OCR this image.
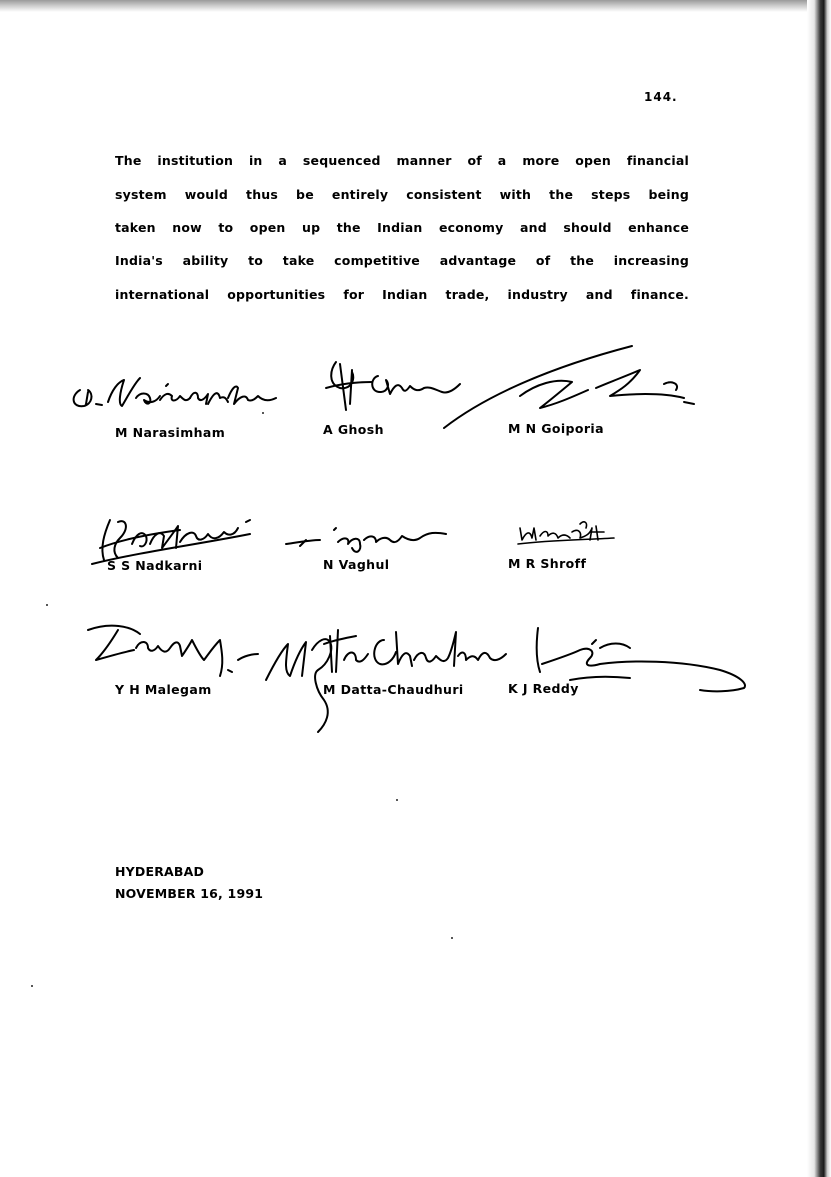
144.
The institution in a sequenced manner of a more open financial
system would thus be entirely consistent with the steps being
taken now to open up the Indian economy and should enhance
India's ability to take competitive advantage of the increasing
international opportunities for Indian trade, industry and finance.
M Narasimham	A Ghosh	M N Goiporia
S S Nadkarni	N Vaghul	M R Shroff
Y H Malegam	M Datta-Chaudhuri	K J Reddy
HYDERABAD
NOVEMBER 16, 1991
